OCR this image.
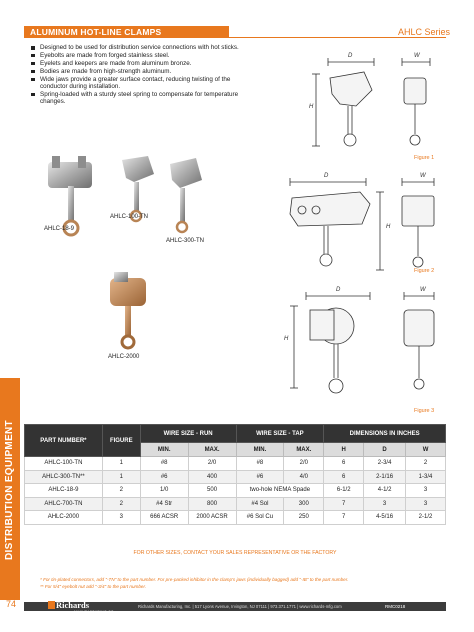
ALUMINUM HOT-LINE CLAMPS	AHLC Series
Designed to be used for distribution service connections with hot sticks.
Eyebolts are made from forged stainless steel.
Eyelets and keepers are made from aluminum bronze.
Bodies are made from high-strength aluminum.
Wide jaws provide a greater surface contact, reducing twisting of the conductor during installation.
Spring-loaded with a sturdy steel spring to compensate for temperature changes.
AHLC-18-9
AHLC-100-TN
AHLC-300-TN
AHLC-2000
D	W
H
D	W
H
D	W
H
Figure 1
Figure 2
Figure 3
DISTRIBUTION EQUIPMENT	PART NUMBER*	FIGURE	WIRE SIZE - RUN		WIRE SIZE - TAP		DIMENSIONS IN INCHES		
		MIN.	MAX.	MIN.	MAX.	H	D	W
AHLC-100-TN	1	#8	2/0	#8	2/0	6	2-3/4	2
AHLC-300-TN**	1	#6	400	#6	4/0	6	2-1/16	1-3/4
AHLC-18-9	2	1/0	500	two-hole NEMA Spade		6-1/2	4-1/2	3
AHLC-700-TN	2	#4 Str	800	#4 Sol	300	7	3	3
AHLC-2000	3	666 ACSR	2000 ACSR	#6 Sol Cu	250	7	4-5/16	2-1/2
FOR OTHER SIZES, CONTACT YOUR SALES REPRESENTATIVE OR THE FACTORY
* For tin-plated connectors, add "-TN" to the part number. For pre-packed inhibitor in the clamp's jaws (individually bagged) add "-IB" to the part number.
** For 5/4" eyebolt nut add "-3/4" to the part number.
74	Richards
MANUFACTURING CO.
Richards Manufacturing, Inc. | 517 Lyons Avenue, Irvington, NJ 07111 | 973.371.1771 | www.richards-mfg.com	RMC0218
